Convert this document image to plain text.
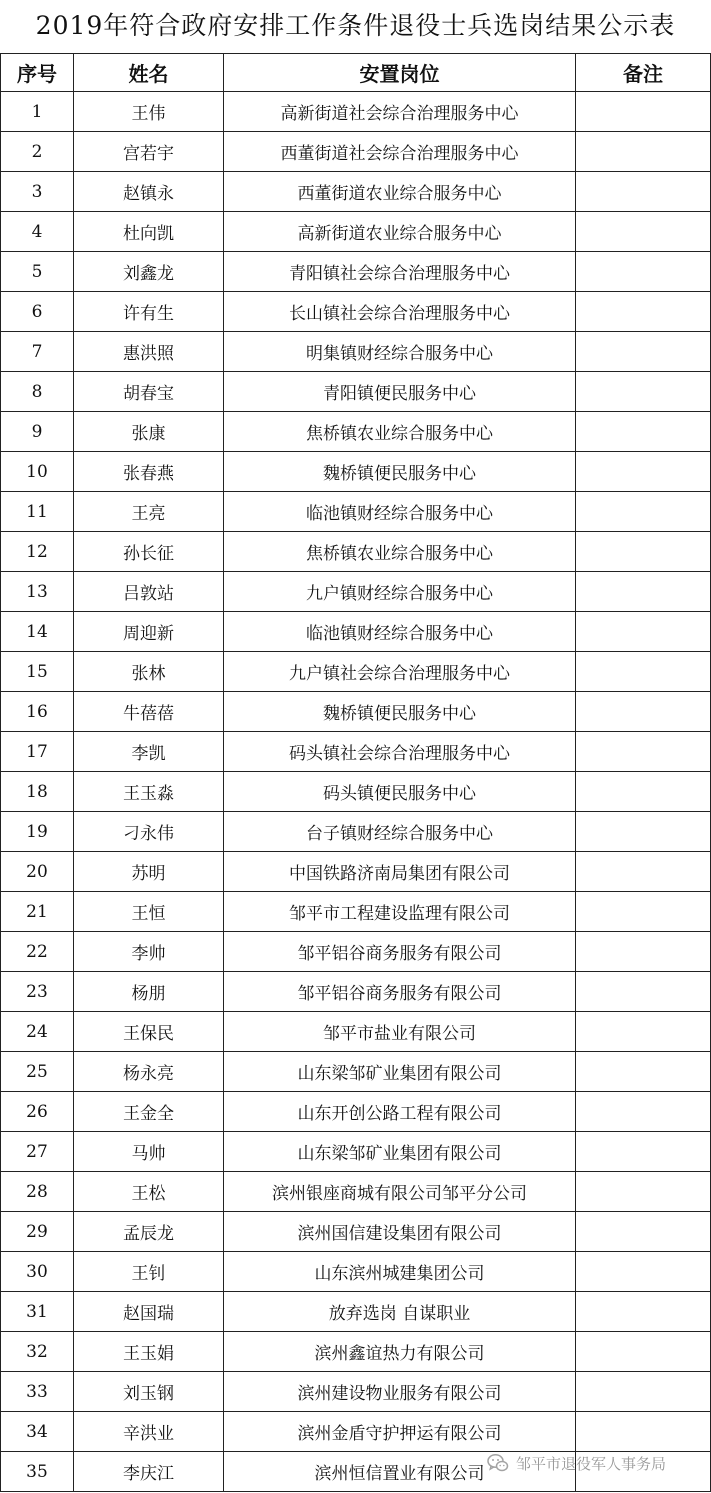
2019年符合政府安排工作条件退役士兵选岗结果公示表
序号	姓名	安置岗位	备注
1	王伟	高新街道社会综合治理服务中心	
2	宫若宇	西董街道社会综合治理服务中心	
3	赵镇永	西董街道农业综合服务中心	
4	杜向凯	高新街道农业综合服务中心	
5	刘鑫龙	青阳镇社会综合治理服务中心	
6	许有生	长山镇社会综合治理服务中心	
7	惠洪照	明集镇财经综合服务中心	
8	胡春宝	青阳镇便民服务中心	
9	张康	焦桥镇农业综合服务中心	
10	张春燕	魏桥镇便民服务中心	
11	王亮	临池镇财经综合服务中心	
12	孙长征	焦桥镇农业综合服务中心	
13	吕敦站	九户镇财经综合服务中心	
14	周迎新	临池镇财经综合服务中心	
15	张林	九户镇社会综合治理服务中心	
16	牛蓓蓓	魏桥镇便民服务中心	
17	李凯	码头镇社会综合治理服务中心	
18	王玉淼	码头镇便民服务中心	
19	刁永伟	台子镇财经综合服务中心	
20	苏明	中国铁路济南局集团有限公司	
21	王恒	邹平市工程建设监理有限公司	
22	李帅	邹平铝谷商务服务有限公司	
23	杨朋	邹平铝谷商务服务有限公司	
24	王保民	邹平市盐业有限公司	
25	杨永亮	山东梁邹矿业集团有限公司	
26	王金全	山东开创公路工程有限公司	
27	马帅	山东梁邹矿业集团有限公司	
28	王松	滨州银座商城有限公司邹平分公司	
29	孟辰龙	滨州国信建设集团有限公司	
30	王钊	山东滨州城建集团公司	
31	赵国瑞	放弃选岗 自谋职业	
32	王玉娟	滨州鑫谊热力有限公司	
33	刘玉钢	滨州建设物业服务有限公司	
34	辛洪业	滨州金盾守护押运有限公司	
35	李庆江	滨州恒信置业有限公司	
邹平市退役军人事务局
